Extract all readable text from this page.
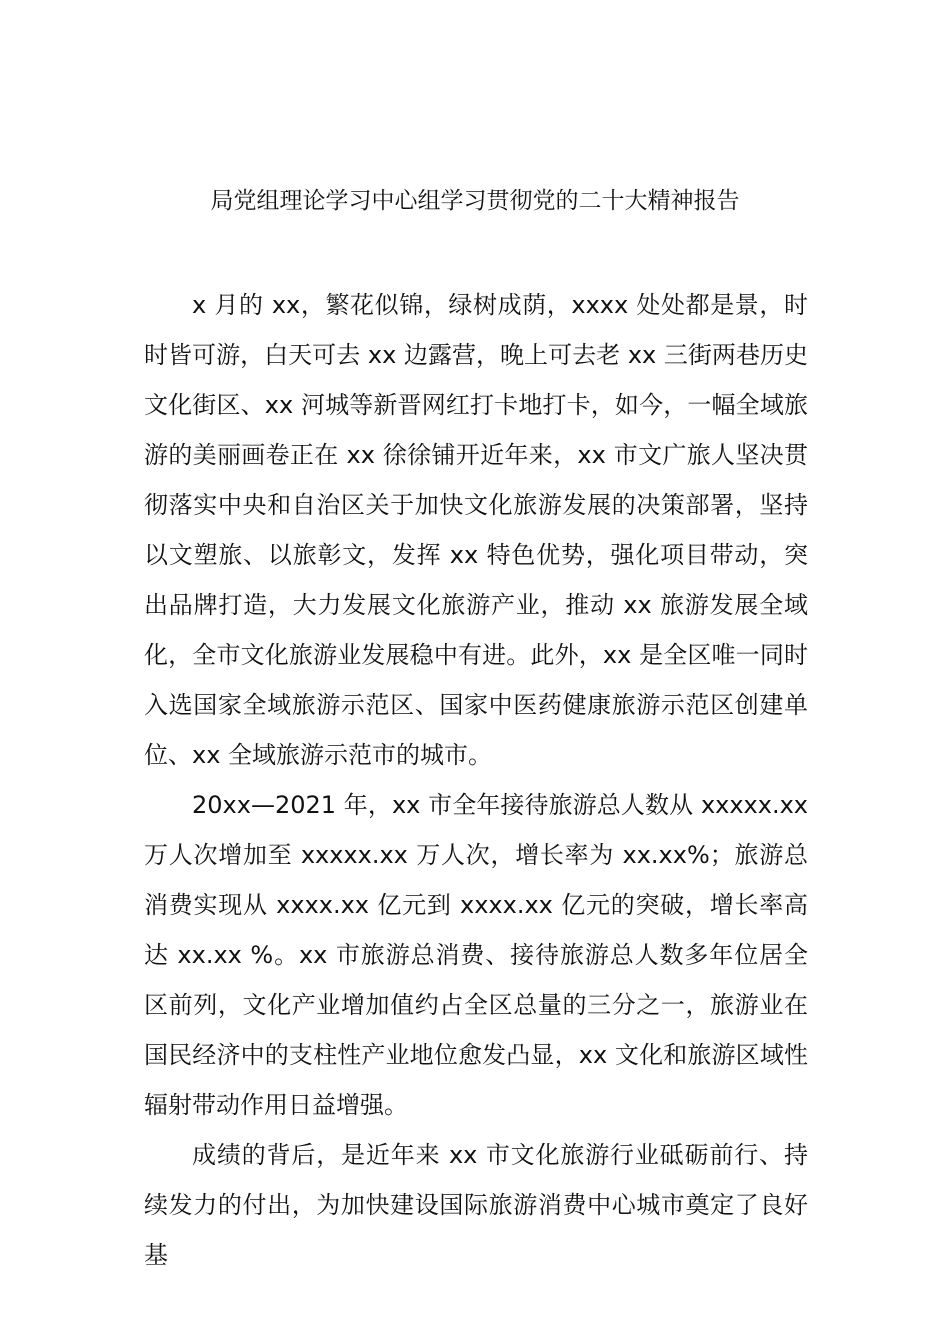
局党组理论学习中心组学习贯彻党的二十大精神报告

x 月的 xx，繁花似锦，绿树成荫，xxxx 处处都是景，时时皆可游，白天可去 xx 边露营，晚上可去老 xx 三街两巷历史文化街区、xx 河城等新晋网红打卡地打卡，如今，一幅全域旅游的美丽画卷正在 xx 徐徐铺开近年来，xx 市文广旅人坚决贯彻落实中央和自治区关于加快文化旅游发展的决策部署，坚持以文塑旅、以旅彰文，发挥 xx 特色优势，强化项目带动，突出品牌打造，大力发展文化旅游产业，推动 xx 旅游发展全域化，全市文化旅游业发展稳中有进。此外，xx 是全区唯一同时入选国家全域旅游示范区、国家中医药健康旅游示范区创建单位、xx 全域旅游示范市的城市。

20xx—2021 年，xx 市全年接待旅游总人数从 xxxxx.xx 万人次增加至 xxxxx.xx 万人次，增长率为 xx.xx%；旅游总消费实现从 xxxx.xx 亿元到 xxxx.xx 亿元的突破，增长率高达 xx.xx %。xx 市旅游总消费、接待旅游总人数多年位居全区前列，文化产业增加值约占全区总量的三分之一，旅游业在国民经济中的支柱性产业地位愈发凸显，xx 文化和旅游区域性辐射带动作用日益增强。

成绩的背后，是近年来 xx 市文化旅游行业砥砺前行、持续发力的付出，为加快建设国际旅游消费中心城市奠定了良好基
